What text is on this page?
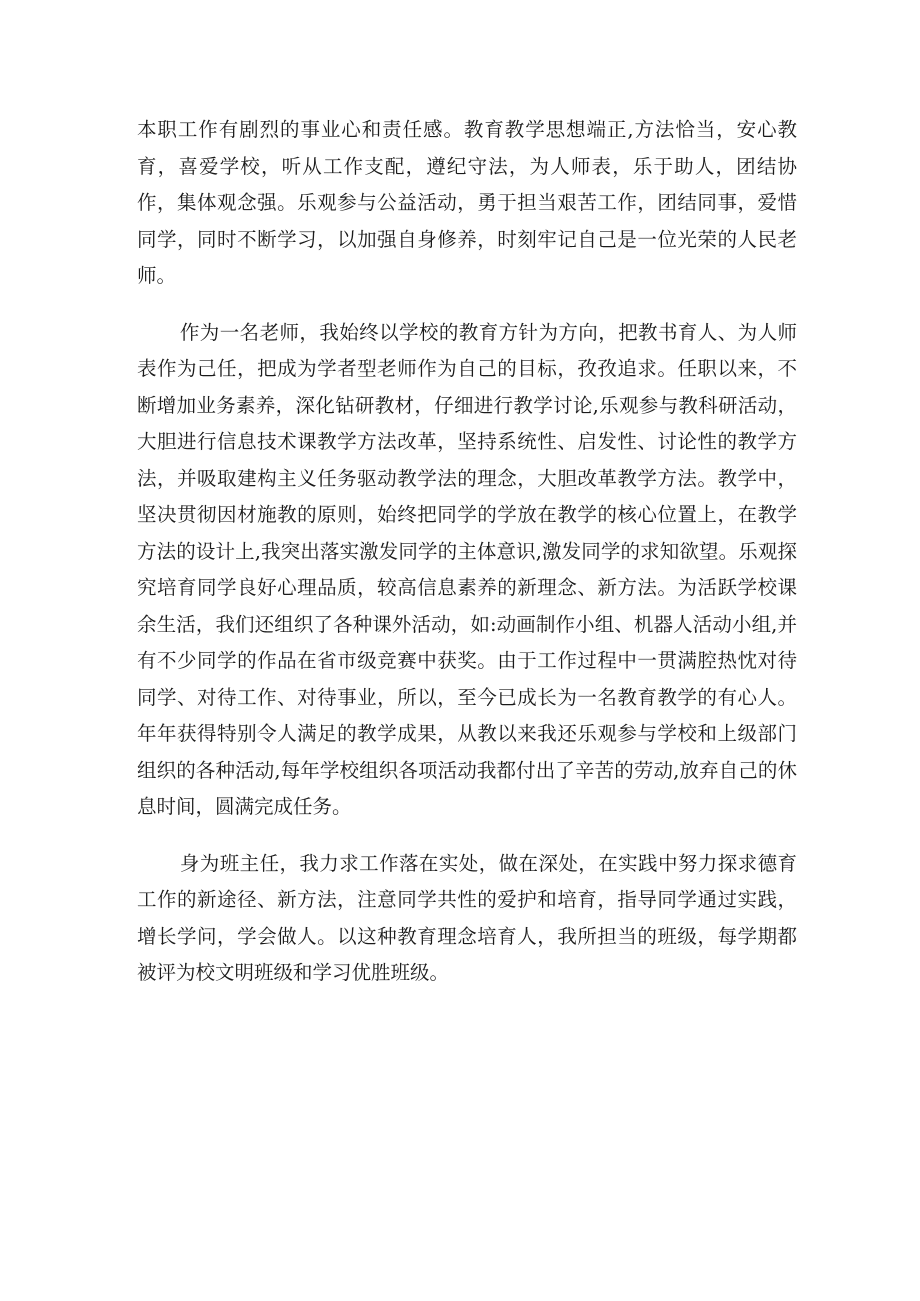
本职工作有剧烈的事业心和责任感。教育教学思想端正,方法恰当，安心教育，喜爱学校，听从工作支配，遵纪守法，为人师表，乐于助人，团结协作，集体观念强。乐观参与公益活动，勇于担当艰苦工作，团结同事，爱惜同学，同时不断学习，以加强自身修养，时刻牢记自己是一位光荣的人民老师。

作为一名老师，我始终以学校的教育方针为方向，把教书育人、为人师表作为己任，把成为学者型老师作为自己的目标，孜孜追求。任职以来，不断增加业务素养，深化钻研教材，仔细进行教学讨论,乐观参与教科研活动，大胆进行信息技术课教学方法改革，坚持系统性、启发性、讨论性的教学方法，并吸取建构主义任务驱动教学法的理念，大胆改革教学方法。教学中，坚决贯彻因材施教的原则，始终把同学的学放在教学的核心位置上，在教学方法的设计上,我突出落实激发同学的主体意识,激发同学的求知欲望。乐观探究培育同学良好心理品质，较高信息素养的新理念、新方法。为活跃学校课余生活，我们还组织了各种课外活动，如:动画制作小组、机器人活动小组,并有不少同学的作品在省市级竞赛中获奖。由于工作过程中一贯满腔热忱对待同学、对待工作、对待事业，所以，至今已成长为一名教育教学的有心人。年年获得特别令人满足的教学成果，从教以来我还乐观参与学校和上级部门组织的各种活动,每年学校组织各项活动我都付出了辛苦的劳动,放弃自己的休息时间，圆满完成任务。

身为班主任，我力求工作落在实处，做在深处，在实践中努力探求德育工作的新途径、新方法，注意同学共性的爱护和培育，指导同学通过实践，增长学问，学会做人。以这种教育理念培育人，我所担当的班级，每学期都被评为校文明班级和学习优胜班级。
